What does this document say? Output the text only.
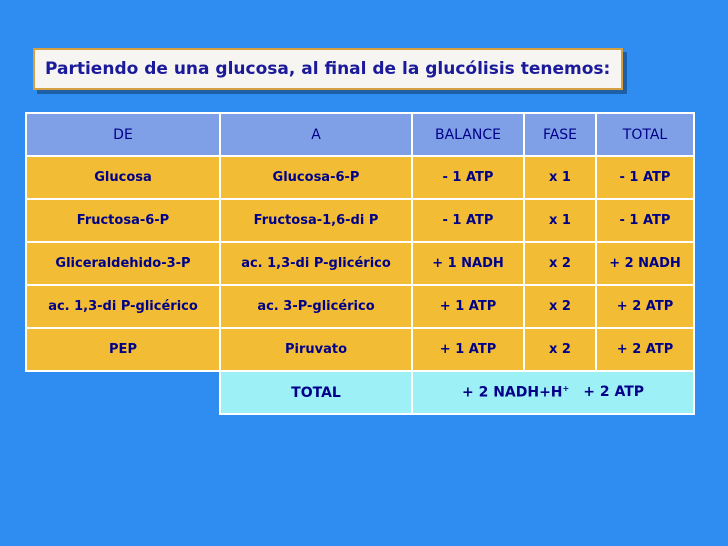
Partiendo de una glucosa, al final de la glucólisis tenemos:
DE	A	BALANCE	FASE	TOTAL
Glucosa	Glucosa-6-P	- 1 ATP	x 1	- 1 ATP
Fructosa-6-P	Fructosa-1,6-di P	- 1 ATP	x 1	- 1 ATP
Gliceraldehido-3-P	ac. 1,3-di P-glicérico	+ 1 NADH	x 2	+ 2 NADH
ac. 1,3-di P-glicérico	ac. 3-P-glicérico	+ 1 ATP	x 2	+ 2 ATP
PEP	Piruvato	+ 1 ATP	x 2	+ 2 ATP
	TOTAL	+ 2 NADH+H+ + 2 ATP		
